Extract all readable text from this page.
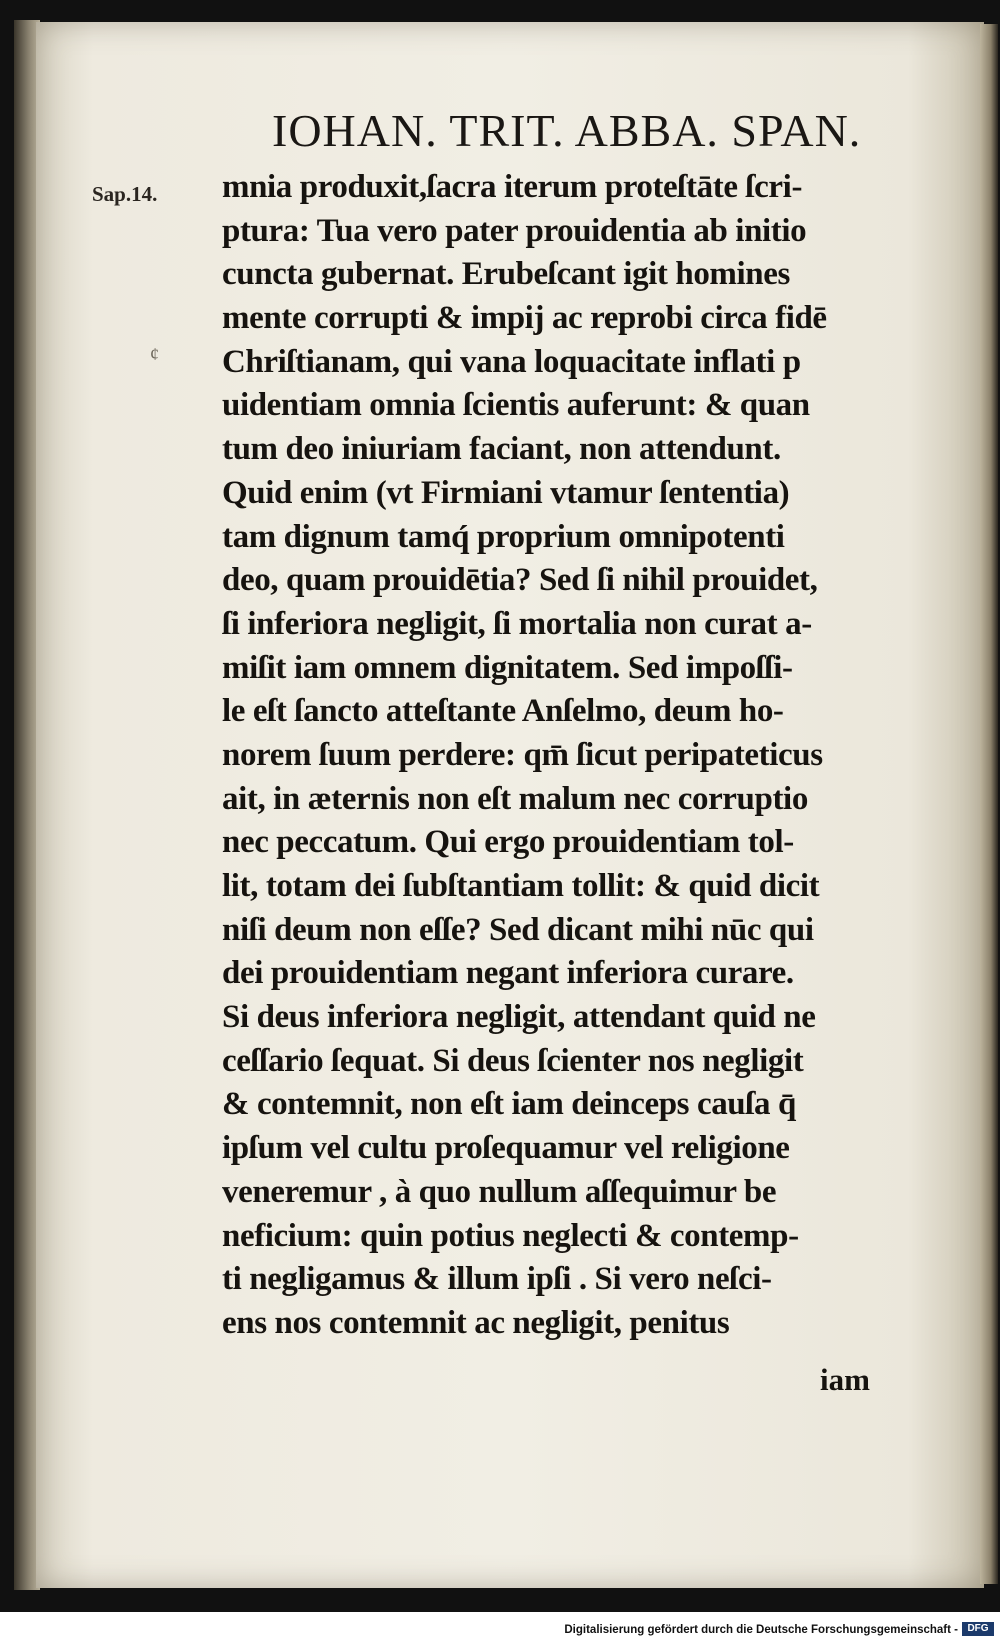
IOHAN. TRIT. ABBA. SPAN.
Sap.14.
¢
mnia produxit,ſacra iterum proteſtāte ſcri-
ptura: Tua vero pater prouidentia ab initio
cuncta gubernat. Erubeſcant igit homines
mente corrupti & impij ac reprobi circa fidē
Chriſtianam, qui vana loquacitate inflati p
uidentiam omnia ſcientis auferunt: & quan
tum deo iniuriam faciant, non attendunt.
Quid enim (vt Firmiani vtamur ſententia)
tam dignum tamq́ proprium omnipotenti
deo, quam prouidētia? Sed ſi nihil prouidet,
ſi inferiora negligit, ſi mortalia non curat a-
miſit iam omnem dignitatem. Sed impoſſi-
le eſt ſancto atteſtante Anſelmo, deum ho-
norem ſuum perdere: qm̄ ſicut peripateticus
ait, in æternis non eſt malum nec corruptio
nec peccatum. Qui ergo prouidentiam tol-
lit, totam dei ſubſtantiam tollit: & quid dicit
niſi deum non eſſe? Sed dicant mihi nūc qui
dei prouidentiam negant inferiora curare.
Si deus inferiora negligit, attendant quid ne
ceſſario ſequat. Si deus ſcienter nos negligit
& contemnit, non eſt iam deinceps cauſa q̄
ipſum vel cultu proſequamur vel religione
veneremur , à quo nullum aſſequimur be
neficium: quin potius neglecti & contemp-
ti negligamus & illum ipſi . Si vero neſci-
ens nos contemnit ac negligit, penitus
iam
Digitalisierung gefördert durch die Deutsche Forschungsgemeinschaft - DFG
